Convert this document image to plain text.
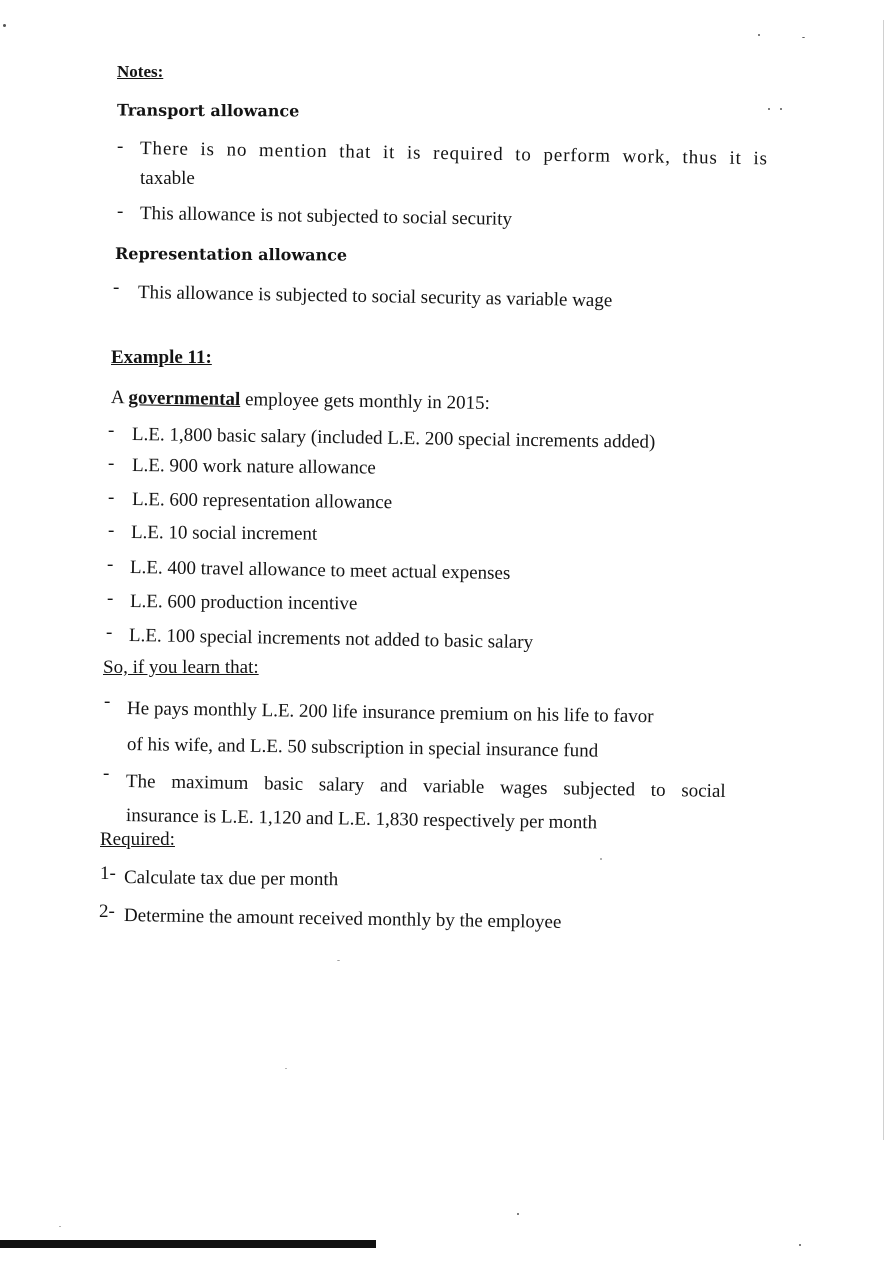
Notes:
Transport allowance
- There is no mention that it is required to perform work, thus it is
taxable
- This allowance is not subjected to social security
Representation allowance
- This allowance is subjected to social security as variable wage
Example 11:
A governmental employee gets monthly in 2015:
- L.E. 1,800 basic salary (included L.E. 200 special increments added)
- L.E. 900 work nature allowance
- L.E. 600 representation allowance
- L.E. 10 social increment
- L.E. 400 travel allowance to meet actual expenses
- L.E. 600 production incentive
- L.E. 100 special increments not added to basic salary
So, if you learn that:
- He pays monthly L.E. 200 life insurance premium on his life to favor
of his wife, and L.E. 50 subscription in special insurance fund
- The maximum basic salary and variable wages subjected to social
insurance is L.E. 1,120 and L.E. 1,830 respectively per month
Required:
1- Calculate tax due per month
2- Determine the amount received monthly by the employee
